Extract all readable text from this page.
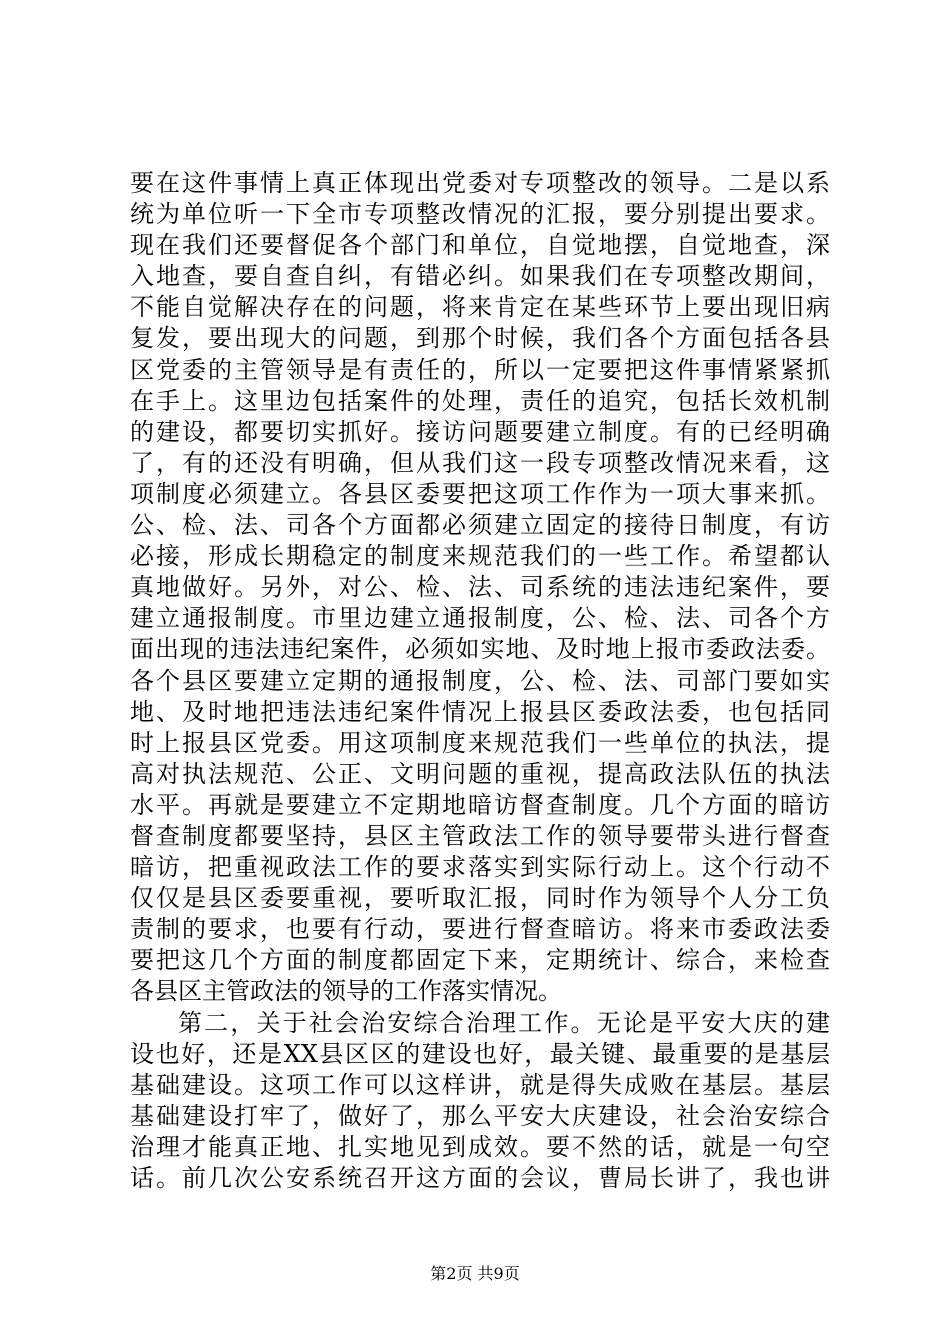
要在这件事情上真正体现出党委对专项整改的领导。二是以系
统为单位听一下全市专项整改情况的汇报，要分别提出要求。
现在我们还要督促各个部门和单位，自觉地摆，自觉地查，深
入地查，要自查自纠，有错必纠。如果我们在专项整改期间，
不能自觉解决存在的问题，将来肯定在某些环节上要出现旧病
复发，要出现大的问题，到那个时候，我们各个方面包括各县
区党委的主管领导是有责任的，所以一定要把这件事情紧紧抓
在手上。这里边包括案件的处理，责任的追究，包括长效机制
的建设，都要切实抓好。接访问题要建立制度。有的已经明确
了，有的还没有明确，但从我们这一段专项整改情况来看，这
项制度必须建立。各县区委要把这项工作作为一项大事来抓。
公、检、法、司各个方面都必须建立固定的接待日制度，有访
必接，形成长期稳定的制度来规范我们的一些工作。希望都认
真地做好。另外，对公、检、法、司系统的违法违纪案件，要
建立通报制度。市里边建立通报制度，公、检、法、司各个方
面出现的违法违纪案件，必须如实地、及时地上报市委政法委。
各个县区要建立定期的通报制度，公、检、法、司部门要如实
地、及时地把违法违纪案件情况上报县区委政法委，也包括同
时上报县区党委。用这项制度来规范我们一些单位的执法，提
高对执法规范、公正、文明问题的重视，提高政法队伍的执法
水平。再就是要建立不定期地暗访督查制度。几个方面的暗访
督查制度都要坚持，县区主管政法工作的领导要带头进行督查
暗访，把重视政法工作的要求落实到实际行动上。这个行动不
仅仅是县区委要重视，要听取汇报，同时作为领导个人分工负
责制的要求，也要有行动，要进行督查暗访。将来市委政法委
要把这几个方面的制度都固定下来，定期统计、综合，来检查
各县区主管政法的领导的工作落实情况。
第二，关于社会治安综合治理工作。无论是平安大庆的建
设也好，还是XX县区区的建设也好，最关键、最重要的是基层
基础建设。这项工作可以这样讲，就是得失成败在基层。基层
基础建设打牢了，做好了，那么平安大庆建设，社会治安综合
治理才能真正地、扎实地见到成效。要不然的话，就是一句空
话。前几次公安系统召开这方面的会议，曹局长讲了，我也讲
第2页 共9页
